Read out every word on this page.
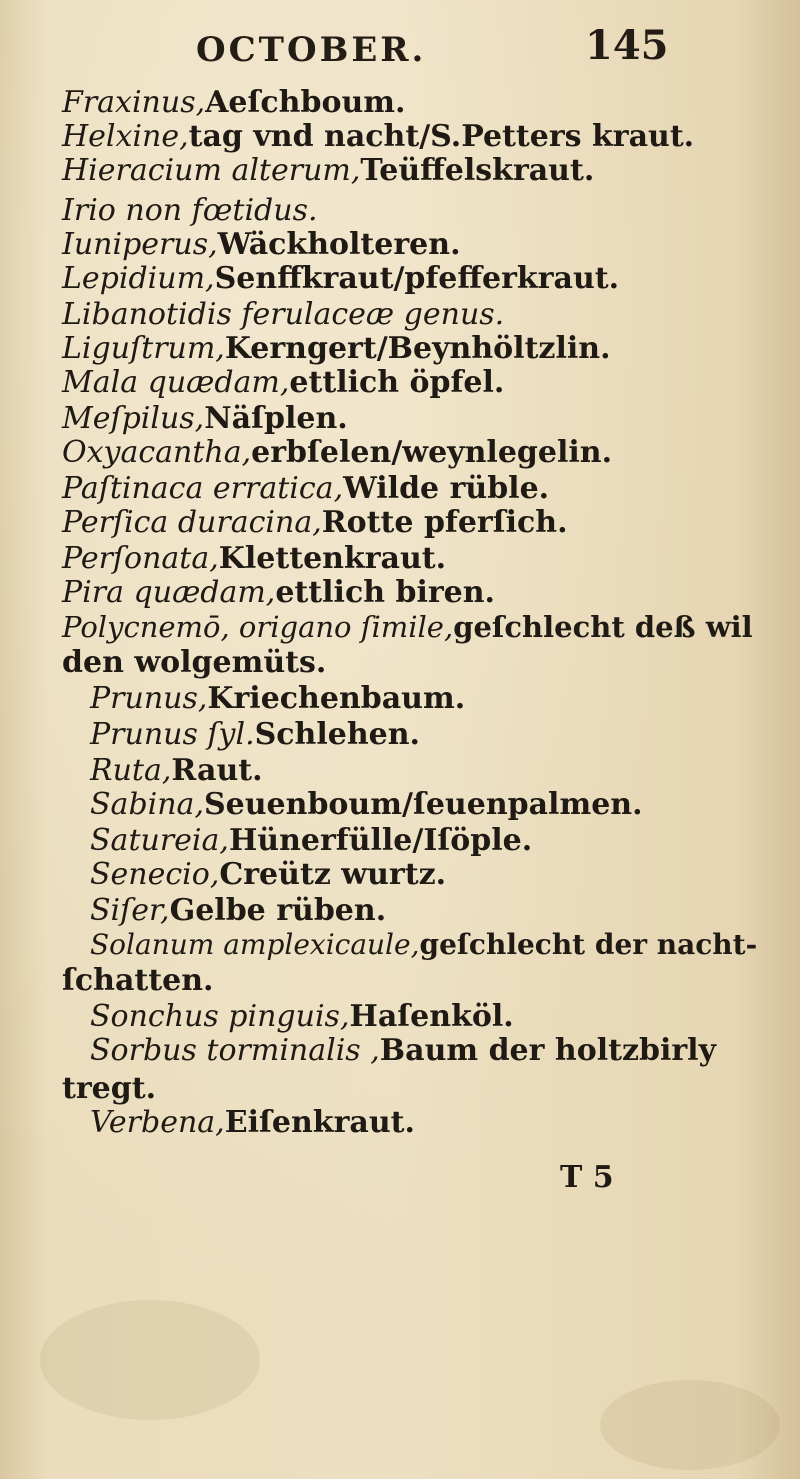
OCTOBER.	145
Fraxinus,Aeſchboum.
Helxine,tag vnd nacht/S.Petters kraut.
Hieracium alterum,Teüffelskraut.
Irio non fœtidus.
Iuniperus,Wäckholteren.
Lepidium,Senffkraut/pfefferkraut.
Libanotidis ferulaceæ genus.
Liguſtrum,Kerngert/Beynhöltzlin.
Mala quædam,ettlich öpfel.
Meſpilus,Näſplen.
Oxyacantha,erbſelen/weynlegelin.
Paſtinaca erratica,Wilde rüble.
Perſica duracina,Rotte pferſich.
Perſonata,Klettenkraut.
Pira quædam,ettlich biren.
Polycnemō, origano ſimile,geſchlecht deß wil
den wolgemüts.
Prunus,Kriechenbaum.
Prunus ſyl.Schlehen.
Ruta,Raut.
Sabina,Seuenboum/ſeuenpalmen.
Satureia,Hünerfülle/Iſöple.
Senecio,Creütz wurtz.
Siſer,Gelbe rüben.
Solanum amplexicaule,geſchlecht der nacht-
ſchatten.
Sonchus pinguis,Haſenköl.
Sorbus torminalis ,Baum der holtzbirly
tregt.
Verbena,Eiſenkraut.
T 5
